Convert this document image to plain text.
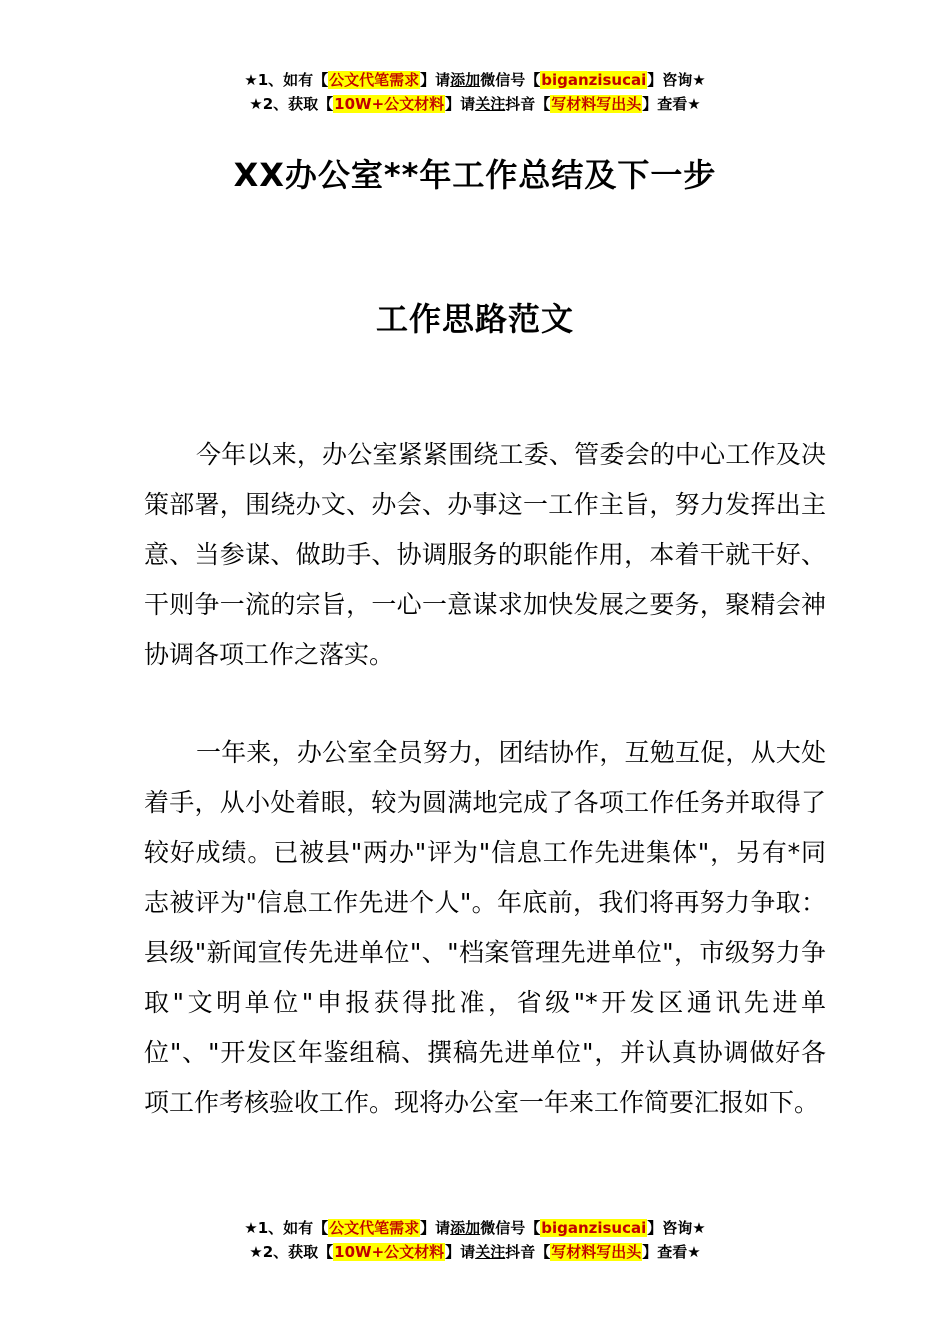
★1、如有【公文代笔需求】请添加微信号【biganzisucai】咨询★
★2、获取【10W+公文材料】请关注抖音【写材料写出头】查看★
XX办公室**年工作总结及下一步
工作思路范文

今年以来，办公室紧紧围绕工委、管委会的中心工作及决策部署，围绕办文、办会、办事这一工作主旨，努力发挥出主意、当参谋、做助手、协调服务的职能作用，本着干就干好、干则争一流的宗旨，一心一意谋求加快发展之要务，聚精会神协调各项工作之落实。

一年来，办公室全员努力，团结协作，互勉互促，从大处着手，从小处着眼，较为圆满地完成了各项工作任务并取得了较好成绩。已被县"两办"评为"信息工作先进集体"，另有*同志被评为"信息工作先进个人"。年底前，我们将再努力争取：县级"新闻宣传先进单位"、"档案管理先进单位"，市级努力争取"文明单位"申报获得批准，省级"*开发区通讯先进单位"、"开发区年鉴组稿、撰稿先进单位"，并认真协调做好各项工作考核验收工作。现将办公室一年来工作简要汇报如下。

★1、如有【公文代笔需求】请添加微信号【biganzisucai】咨询★
★2、获取【10W+公文材料】请关注抖音【写材料写出头】查看★
